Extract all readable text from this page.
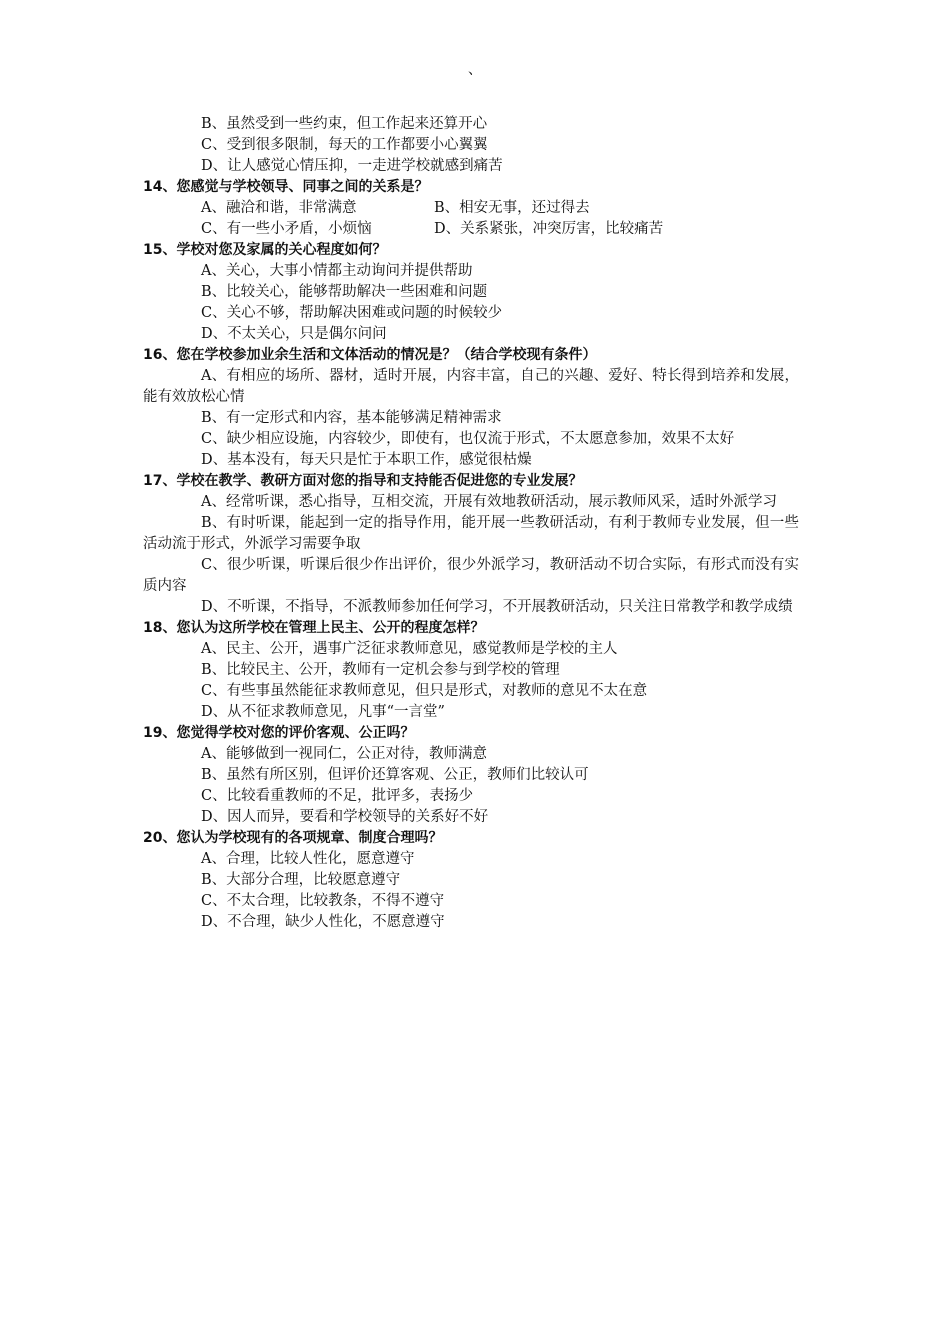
、
B、虽然受到一些约束，但工作起来还算开心
C、受到很多限制，每天的工作都要小心翼翼
D、让人感觉心情压抑，一走进学校就感到痛苦
14、您感觉与学校领导、同事之间的关系是？
A、融洽和谐，非常满意	B、相安无事，还过得去
C、有一些小矛盾，小烦恼	D、关系紧张，冲突厉害，比较痛苦
15、学校对您及家属的关心程度如何？
A、关心，大事小情都主动询问并提供帮助
B、比较关心，能够帮助解决一些困难和问题
C、关心不够，帮助解决困难或问题的时候较少
D、不太关心，只是偶尔问问
16、您在学校参加业余生活和文体活动的情况是？（结合学校现有条件）
A、有相应的场所、器材，适时开展，内容丰富，自己的兴趣、爱好、特长得到培养和发展，能有效放松心情
B、有一定形式和内容，基本能够满足精神需求
C、缺少相应设施，内容较少，即使有，也仅流于形式，不太愿意参加，效果不太好
D、基本没有，每天只是忙于本职工作，感觉很枯燥
17、学校在教学、教研方面对您的指导和支持能否促进您的专业发展？
A、经常听课，悉心指导，互相交流，开展有效地教研活动，展示教师风采，适时外派学习
B、有时听课，能起到一定的指导作用，能开展一些教研活动，有利于教师专业发展，但一些活动流于形式，外派学习需要争取
C、很少听课，听课后很少作出评价，很少外派学习，教研活动不切合实际，有形式而没有实质内容
D、不听课，不指导，不派教师参加任何学习，不开展教研活动，只关注日常教学和教学成绩
18、您认为这所学校在管理上民主、公开的程度怎样？
A、民主、公开，遇事广泛征求教师意见，感觉教师是学校的主人
B、比较民主、公开，教师有一定机会参与到学校的管理
C、有些事虽然能征求教师意见，但只是形式，对教师的意见不太在意
D、从不征求教师意见，凡事“一言堂”
19、您觉得学校对您的评价客观、公正吗？
A、能够做到一视同仁，公正对待，教师满意
B、虽然有所区别，但评价还算客观、公正，教师们比较认可
C、比较看重教师的不足，批评多，表扬少
D、因人而异，要看和学校领导的关系好不好
20、您认为学校现有的各项规章、制度合理吗？
A、合理，比较人性化，愿意遵守
B、大部分合理，比较愿意遵守
C、不太合理，比较教条，不得不遵守
D、不合理，缺少人性化，不愿意遵守
